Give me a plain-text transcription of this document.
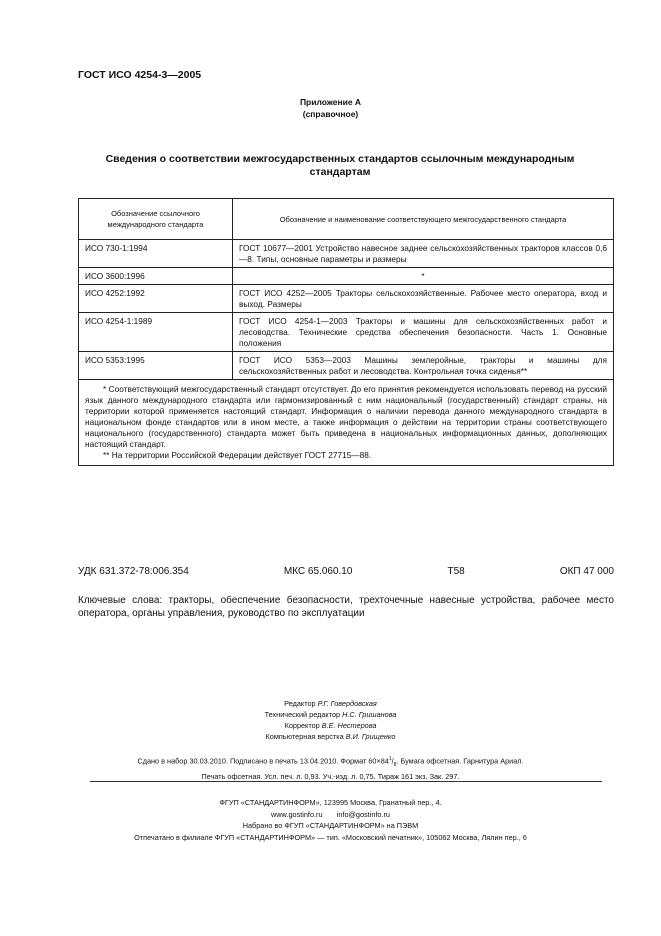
ГОСТ ИСО 4254-3—2005
Приложение А
(справочное)
Сведения о соответствии межгосударственных стандартов ссылочным международным стандартам
Обозначение ссылочного международного стандарта	Обозначение и наименование соответствующего межгосударственного стандарта
ИСО 730-1:1994	ГОСТ 10677—2001 Устройство навесное заднее сельскохозяйственных тракторов классов 0,6—8. Типы, основные параметры и размеры
ИСО 3600:1996	*
ИСО 4252:1992	ГОСТ ИСО 4252—2005 Тракторы сельскохозяйственные. Рабочее место оператора, вход и выход. Размеры
ИСО 4254-1:1989	ГОСТ ИСО 4254-1—2003 Тракторы и машины для сельскохозяйственных работ и лесоводства. Технические средства обеспечения безопасности. Часть 1. Основные положения
ИСО 5353:1995	ГОСТ ИСО 5353—2003 Машины землеройные, тракторы и машины для сельскохозяйственных работ и лесоводства. Контрольная точка сиденья**

* Соответствующий межгосударственный стандарт отсутствует. До его принятия рекомендуется использовать перевод на русский язык данного международного стандарта или гармонизированный с ним национальный (государственный) стандарт страны, на территории которой применяется настоящий стандарт. Информация о наличии перевода данного международного стандарта в национальном фонде стандартов или в ином месте, а также информация о действии на территории страны соответствующего национального (государственного) стандарта может быть приведена в национальных информационных данных, дополняющих настоящий стандарт.

** На территории Российской Федерации действует ГОСТ 27715—88.	

УДК 631.372-78:006.354	МКС 65.060.10	Т58	ОКП 47 000
Ключевые слова: тракторы, обеспечение безопасности, трехточечные навесные устройства, рабочее место оператора, органы управления, руководство по эксплуатации
Редактор Р.Г. Говердовская
Технический редактор Н.С. Гришанова
Корректор В.Е. Нестерова
Компьютерная верстка В.И. Грищенко
Сдано в набор 30.03.2010. Подписано в печать 13.04.2010. Формат $60\times 84^1/_8$. Бумага офсетная. Гарнитура Ариал.
Печать офсетная. Усл. печ. л. 0,93. Уч.-изд. л. 0,75. Тираж 161 экз. Зак. 297.
ФГУП «СТАНДАРТИНФОРМ», 123995 Москва, Гранатный пер., 4.
www.gostinfo.ru info@gostinfo.ru
Набрано во ФГУП «СТАНДАРТИНФОРМ» на ПЭВМ
Отпечатано в филиале ФГУП «СТАНДАРТИНФОРМ» — тип. «Московский печатник», 105062 Москва, Лялин пер., 6
